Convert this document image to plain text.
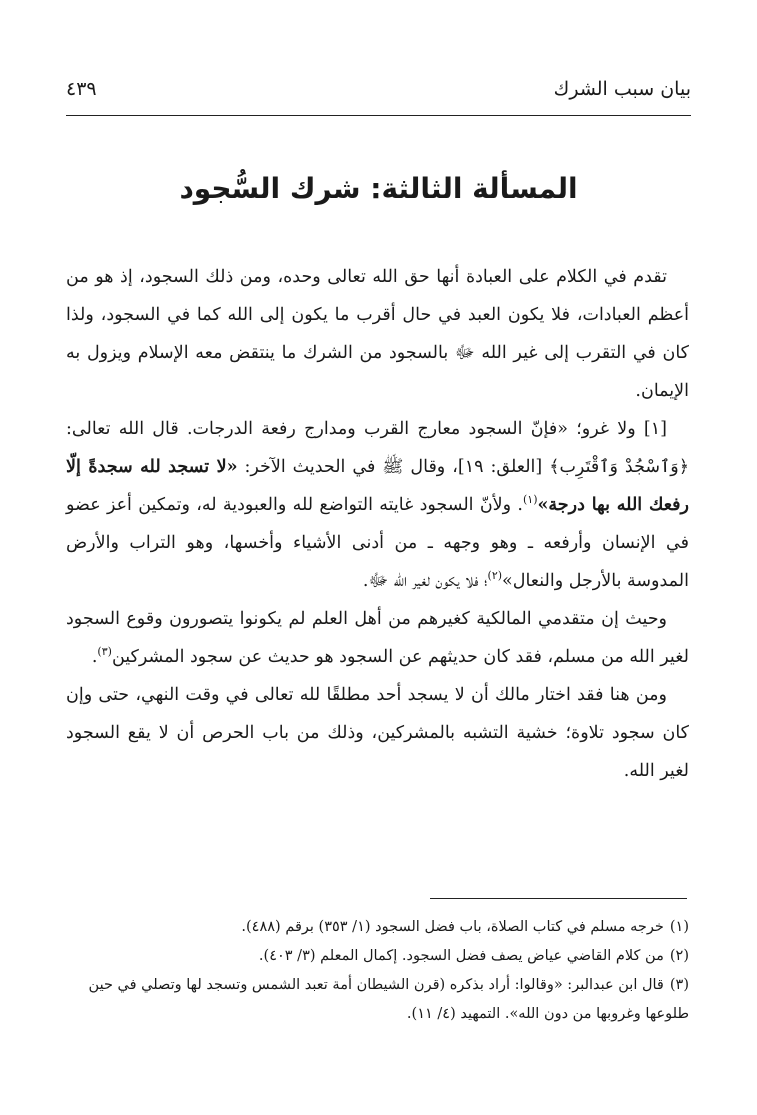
بيان سبب الشرك
٤٣٩
المسألة الثالثة: شرك السُّجود

تقدم في الكلام على العبادة أنها حق الله تعالى وحده، ومن ذلك السجود، إذ هو من أعظم العبادات، فلا يكون العبد في حال أقرب ما يكون إلى الله كما في السجود، ولذا كان في التقرب إلى غير الله ﷻ بالسجود من الشرك ما ينتقض معه الإسلام ويزول به الإيمان.

[١] ولا غرو؛ «فإنّ السجود معارج القرب ومدارج رفعة الدرجات. قال الله تعالى: ﴿وَٱسْجُدْ وَٱقْتَرِب﴾ [العلق: ١٩]، وقال ﷺ في الحديث الآخر: «لا تسجد لله سجدةً إلّا رفعك الله بها درجة»$^{(١)}$. ولأنّ السجود غايته التواضع لله والعبودية له، وتمكين أعز عضو في الإنسان وأرفعه ـ وهو وجهه ـ من أدنى الأشياء وأخسها، وهو التراب والأرض المدوسة بالأرجل والنعال»$^{(٢)}$؛ فلا يكون لغير الله ﷻ.

وحيث إن متقدمي المالكية كغيرهم من أهل العلم لم يكونوا يتصورون وقوع السجود لغير الله من مسلم، فقد كان حديثهم عن السجود هو حديث عن سجود المشركين$^{(٣)}$.

ومن هنا فقد اختار مالك أن لا يسجد أحد مطلقًا لله تعالى في وقت النهي، حتى وإن كان سجود تلاوة؛ خشية التشبه بالمشركين، وذلك من باب الحرص أن لا يقع السجود لغير الله.

(١)خرجه مسلم في كتاب الصلاة، باب فضل السجود (١/ ٣٥٣) برقم (٤٨٨).

(٢)من كلام القاضي عياض يصف فضل السجود. إكمال المعلم (٣/ ٤٠٣).

(٣)قال ابن عبدالبر: «وقالوا: أراد بذكره (قرن الشيطان أمة تعبد الشمس وتسجد لها وتصلي في حين طلوعها وغروبها من دون الله». التمهيد (٤/ ١١).
